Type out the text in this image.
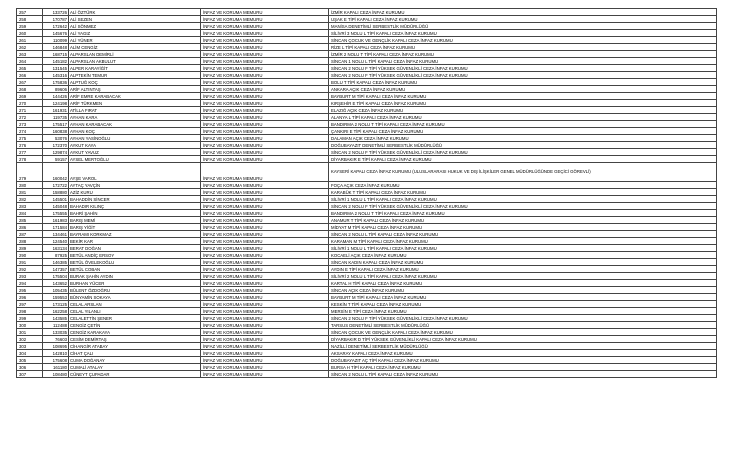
257	133726	ALİ ÖZTÜRK	İNFAZ VE KORUMA MEMURU	İZMİR KAPALI CEZA İNFAZ KURUMU
258	170787	ALİ SEZEN	İNFAZ VE KORUMA MEMURU	UŞAK E TİPİ KAPALI CEZA İNFAZ KURUMU
259	172642	ALİ SÖNMEZ	İNFAZ VE KORUMA MEMURU	MANİSA DENETİMLİ SERBESTLİK MÜDÜRLÜĞÜ
260	145676	ALİ YAGIZ	İNFAZ VE KORUMA MEMURU	SİLİVRİ 3 NOLU L TİPİ KAPALI CEZA İNFAZ KURUMU
261	110099	ALİ YÜNER	İNFAZ VE KORUMA MEMURU	SİNCAN ÇOCUK VE GENÇLİK KAPALI CEZA İNFAZ KURUMU
262	146848	ALİM CENGİZ	İNFAZ VE KORUMA MEMURU	RİZE L TİPİ KAPALI CEZA İNFAZ KURUMU
263	168715	ALPARSLAN DEMİRLİ	İNFAZ VE KORUMA MEMURU	İZMİR 2 NOLU T TİPİ KAPALI CEZA İNFAZ KURUMU
264	145182	ALPARSLAN AKBULUT	İNFAZ VE KORUMA MEMURU	SİNCAN 1 NOLU L TİPİ KAPALI CEZA İNFAZ KURUMU
265	131545	ALPER KARAYİĞİT	İNFAZ VE KORUMA MEMURU	SİNCAN 2 NOLU F TİPİ YÜKSEK GÜVENLİKLİ CEZA İNFAZ KURUMU
266	145316	ALPTEKİN TEMUR	İNFAZ VE KORUMA MEMURU	SİNCAN 2 NOLU F TİPİ YÜKSEK GÜVENLİKLİ CEZA İNFAZ KURUMU
267	175836	ALPTUĞ KOÇ	İNFAZ VE KORUMA MEMURU	BOLU T TİPİ KAPALI CEZA İNFAZ KURUMU
268	89606	ARİF ALTINTAŞ	İNFAZ VE KORUMA MEMURU	ANKARA AÇIK CEZA İNFAZ KURUMU
269	144426	ARİF EMRE KARABACAK	İNFAZ VE KORUMA MEMURU	BAYBURT M TİPİ KAPALI CEZA İNFAZ KURUMU
270	124198	ARİF TÜRKMEN	İNFAZ VE KORUMA MEMURU	KIRŞEHİR E TİPİ KAPALI CEZA İNFAZ KURUMU
271	161931	ATİLLA FIRAT	İNFAZ VE KORUMA MEMURU	ELAZIĞ AÇIK CEZA İNFAZ KURUMU
272	119735	AYHAN KARA	İNFAZ VE KORUMA MEMURU	ALANYA L TİPİ KAPALI CEZA İNFAZ KURUMU
273	175517	AYHAN KARABACAK	İNFAZ VE KORUMA MEMURU	BANDIRMA 2 NOLU T TİPİ KAPALI CEZA İNFAZ KURUMU
274	160838	AYHAN KOÇ	İNFAZ VE KORUMA MEMURU	ÇANKIRI E TİPİ KAPALI CEZA İNFAZ KURUMU
275	53076	AYHAN YASİNOĞLU	İNFAZ VE KORUMA MEMURU	DALAMAN AÇIK CEZA İNFAZ KURUMU
276	172370	AYKUT KAYA	İNFAZ VE KORUMA MEMURU	DOĞUBAYAZIT DENETİMLİ SERBESTLİK MÜDÜRLÜĞÜ
277	129874	AYKUT YAVUZ	İNFAZ VE KORUMA MEMURU	SİNCAN 2 NOLU F TİPİ YÜKSEK GÜVENLİKLİ CEZA İNFAZ KURUMU
278	59157	AYSEL MERTOĞLU	İNFAZ VE KORUMA MEMURU	DİYARBAKIR E TİPİ KAPALI CEZA İNFAZ KURUMU
279	160042	AYŞE VAROL	İNFAZ VE KORUMA MEMURU	KAYSERİ KAPALI CEZA İNFAZ KURUMU (ULUSLARARASI HUKUK VE DIŞ İLİŞKİLER GENEL MÜDÜRLÜĞÜNDE GEÇİCİ GÖREVLİ)
280	172722	AYTAÇ YAVÇİN	İNFAZ VE KORUMA MEMURU	FOÇA AÇIK CEZA İNFAZ KURUMU
281	158880	AZİZ KURU	İNFAZ VE KORUMA MEMURU	KARABÜK T TİPİ KAPALI CEZA İNFAZ KURUMU
282	145501	BAHADDİN SİNCER	İNFAZ VE KORUMA MEMURU	SİLİVRİ 1 NOLU L TİPİ KAPALI CEZA İNFAZ KURUMU
283	145048	BAHADIR KILINÇ	İNFAZ VE KORUMA MEMURU	SİNCAN 2 NOLU F TİPİ YÜKSEK GÜVENLİKLİ CEZA İNFAZ KURUMU
284	175555	BAHRİ ŞAHİN	İNFAZ VE KORUMA MEMURU	BANDIRMA 2 NOLU T TİPİ KAPALI CEZA İNFAZ KURUMU
285	161983	BARIŞ MEMİ	İNFAZ VE KORUMA MEMURU	ANAMUR T TİPİ KAPALI CEZA İNFAZ KURUMU
286	171584	BARIŞ YİĞİT	İNFAZ VE KORUMA MEMURU	MİDYAT M TİPİ KAPALI CEZA İNFAZ KURUMU
287	134461	BAYRAMI KORKMAZ	İNFAZ VE KORUMA MEMURU	SİNCAN 2 NOLU L TİPİ KAPALI CEZA İNFAZ KURUMU
288	124540	BEKİR KAR	İNFAZ VE KORUMA MEMURU	KARAMAN M TİPİ KAPALI CEZA İNFAZ KURUMU
289	163134	BERAT DOĞAN	İNFAZ VE KORUMA MEMURU	SİLİVRİ 1 NOLU L TİPİ KAPALI CEZA İNFAZ KURUMU
290	87925	BETÜL ANDİÇ ERSOY	İNFAZ VE KORUMA MEMURU	KOCAELİ AÇIK CEZA İNFAZ KURUMU
291	146385	BETÜL ÖVELEKOĞLU	İNFAZ VE KORUMA MEMURU	SİNCAN KADIN KAPALI CEZA İNFAZ KURUMU
292	147357	BETÜL COBAN	İNFAZ VE KORUMA MEMURU	AYDIN E TİPİ KAPALI CEZA İNFAZ KURUMU
293	175504	BURAK ŞAHİN AYDIN	İNFAZ VE KORUMA MEMURU	SİLİVRİ 2 NOLU L TİPİ KAPALI CEZA İNFAZ KURUMU
294	143652	BURHAN YÜCER	İNFAZ VE KORUMA MEMURU	KARTAL H TİPİ KAPALI CEZA İNFAZ KURUMU
295	105435	BÜLENT ÖZDOĞRU	İNFAZ VE KORUMA MEMURU	SİNCAN AÇIK CEZA İNFAZ KURUMU
296	159553	BÜNYAMİN SOKAYA	İNFAZ VE KORUMA MEMURU	BAYBURT M TİPİ KAPALI CEZA İNFAZ KURUMU
297	173125	CELAL ARSLAN	İNFAZ VE KORUMA MEMURU	KESKİN T TİPİ KAPALI CEZA İNFAZ KURUMU
298	162258	CELAL YILANLI	İNFAZ VE KORUMA MEMURU	MERSİN E TİPİ CEZA İNFAZ KURUMU
299	143585	CELALETTİN ŞENER	İNFAZ VE KORUMA MEMURU	SİNCAN 2 NOLU F TİPİ YÜKSEK GÜVENLİKLİ CEZA İNFAZ KURUMU
300	112488	CENGİZ ÇETİN	İNFAZ VE KORUMA MEMURU	TARSUS DENETİMLİ SERBESTLİK MÜDÜRLÜĞÜ
301	133035	CENGİZ KARAKAYA	İNFAZ VE KORUMA MEMURU	SİNCAN ÇOCUK VE GENÇLİK KAPALI CEZA İNFAZ KURUMU
302	76603	CESİM DEMİRTAŞ	İNFAZ VE KORUMA MEMURU	DİYARBAKIR D TİPİ YÜKSEK GÜVENLİKLİ KAPALI CEZA İNFAZ KURUMU
303	108695	CİHANGİR ATABAY	İNFAZ VE KORUMA MEMURU	NAZİLLİ DENETİMLİ SERBESTLİK MÜDÜRLÜĞÜ
304	142810	CİHAT ÇALI	İNFAZ VE KORUMA MEMURU	AKSARAY KAPALI CEZA İNFAZ KURUMU
305	175608	CUMA DOĞANAY	İNFAZ VE KORUMA MEMURU	DOĞUBAYAZIT AÇ TİPİ KAPALI CEZA İNFAZ KURUMU
306	161180	CUMALİ ATALAY	İNFAZ VE KORUMA MEMURU	BURSA H TİPİ KAPALI CEZA İNFAZ KURUMU
307	108480	CÜNEYT ÇUPADAR	İNFAZ VE KORUMA MEMURU	SİNCAN 2 NOLU L TİPİ KAPALI CEZA İNFAZ KURUMU
